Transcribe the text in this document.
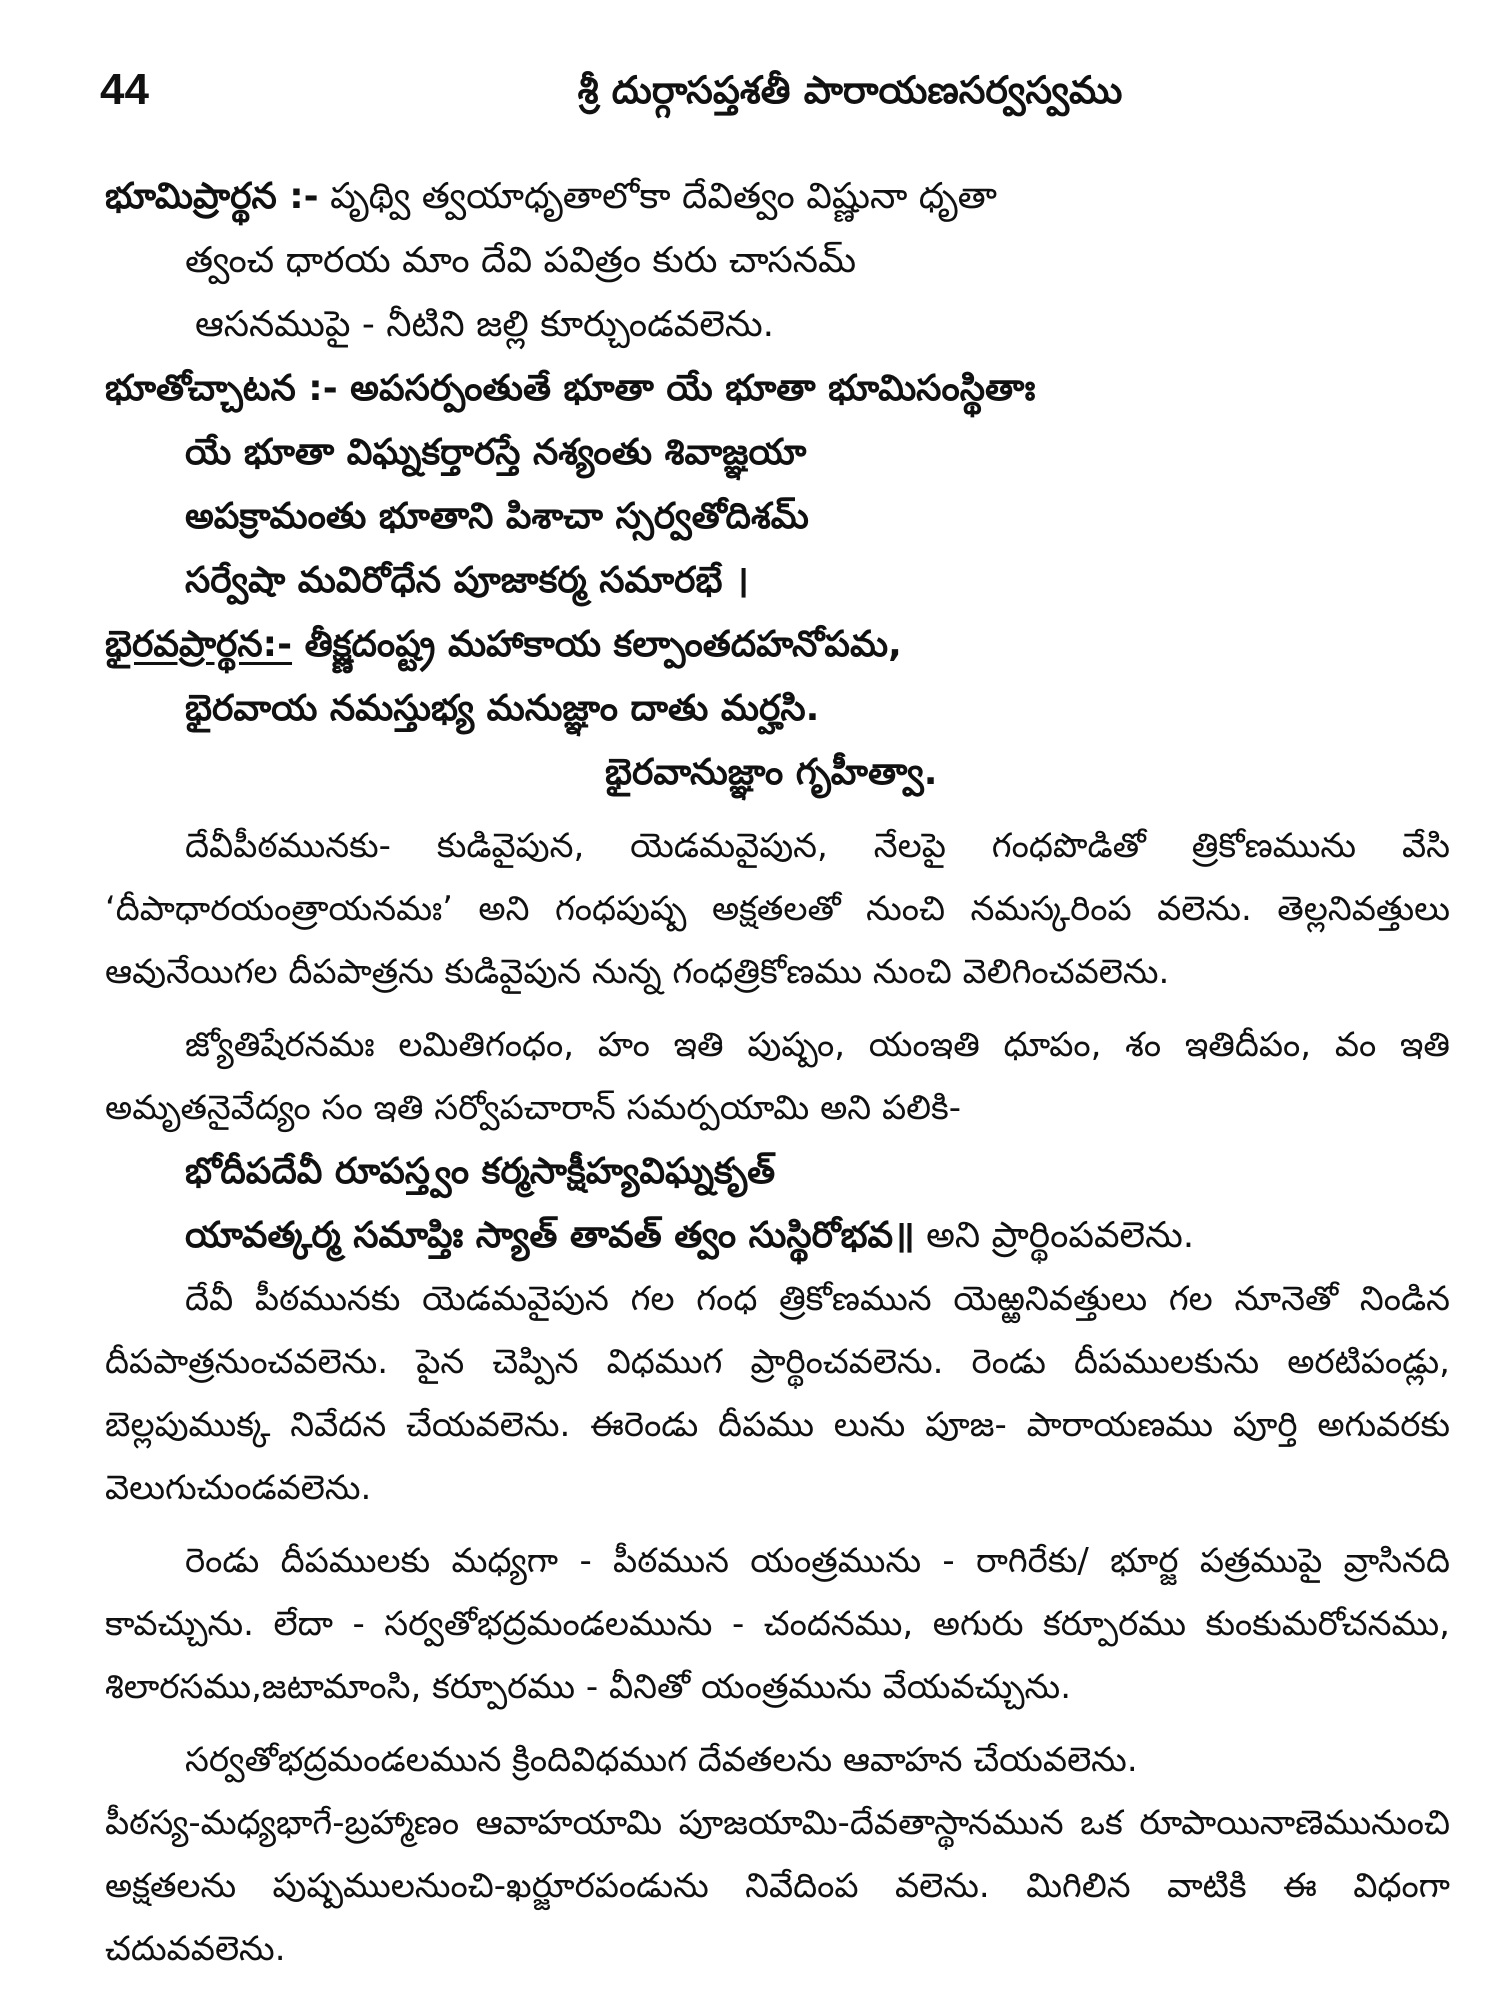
44	శ్రీ దుర్గాసప్తశతీ పారాయణసర్వస్వము
భూమిప్రార్థన :- పృథ్వి త్వయాధృతాలోకా దేవిత్వం విష్ణునా ధృతా
త్వంచ ధారయ మాం దేవి పవిత్రం కురు చాసనమ్
ఆసనముపై - నీటిని జల్లి కూర్చుండవలెను.
భూతోచ్చాటన :- అపసర్పంతుతే భూతా యే భూతా భూమిసంస్థితాః
యే భూతా విఘ్నకర్తారస్తే నశ్యంతు శివాజ్ఞయా
అపక్రామంతు భూతాని పిశాచా స్సర్వతోదిశమ్
సర్వేషా మవిరోధేన పూజాకర్మ సమారభే ।
భైరవప్రార్థన:- తీక్ష్ణదంష్ట్ర మహాకాయ కల్పాంతదహనోపమ,
భైరవాయ నమస్తుభ్య మనుజ్ఞాం దాతు మర్హసి.
భైరవానుజ్ఞాం గృహీత్వా.

దేవీపీఠమునకు- కుడివైపున, యెడమవైపున, నేలపై గంధపొడితో త్రికోణమును వేసి ‘దీపాధారయంత్రాయనమః’ అని గంధపుష్ప అక్షతలతో నుంచి నమస్కరింప వలెను. తెల్లనివత్తులు ఆవునేయిగల దీపపాత్రను కుడివైపున నున్న గంధత్రికోణము నుంచి వెలిగించవలెను.

జ్యోతిషేరనమః లమితిగంధం, హం ఇతి పుష్పం, యంఇతి ధూపం, శం ఇతిదీపం, వం ఇతి అమృతనైవేద్యం సం ఇతి సర్వోపచారాన్ సమర్పయామి అని పలికి-

భోదీపదేవీ రూపస్త్వం కర్మసాక్షీహ్యవిఘ్నకృత్
యావత్కర్మ సమాప్తిః స్యాత్ తావత్ త్వం సుస్థిరోభవ॥ అని ప్రార్థింపవలెను.

దేవీ పీఠమునకు యెడమవైపున గల గంధ త్రికోణమున యెఱ్ఱనివత్తులు గల నూనెతో నిండిన దీపపాత్రనుంచవలెను. పైన చెప్పిన విధముగ ప్రార్థించవలెను. రెండు దీపములకును అరటిపండ్లు, బెల్లపుముక్క నివేదన చేయవలెను. ఈరెండు దీపము లును పూజ- పారాయణము పూర్తి అగువరకు వెలుగుచుండవలెను.

రెండు దీపములకు మధ్యగా - పీఠమున యంత్రమును - రాగిరేకు/ భూర్జ పత్రముపై వ్రాసినది కావచ్చును. లేదా - సర్వతోభద్రమండలమును - చందనము, అగురు కర్పూరము కుంకుమరోచనము, శిలారసము,జటామాంసి, కర్పూరము - వీనితో యంత్రమును వేయవచ్చును.

సర్వతోభద్రమండలమున క్రిందివిధముగ దేవతలను ఆవాహన చేయవలెను.

పీఠస్య-మధ్యభాగే-బ్రహ్మాణం ఆవాహయామి పూజయామి-దేవతాస్థానమున ఒక రూపాయినాణెమునుంచి అక్షతలను పుష్పములనుంచి-ఖర్జూరపండును నివేదింప వలెను. మిగిలిన వాటికి ఈ విధంగా చదువవలెను.
